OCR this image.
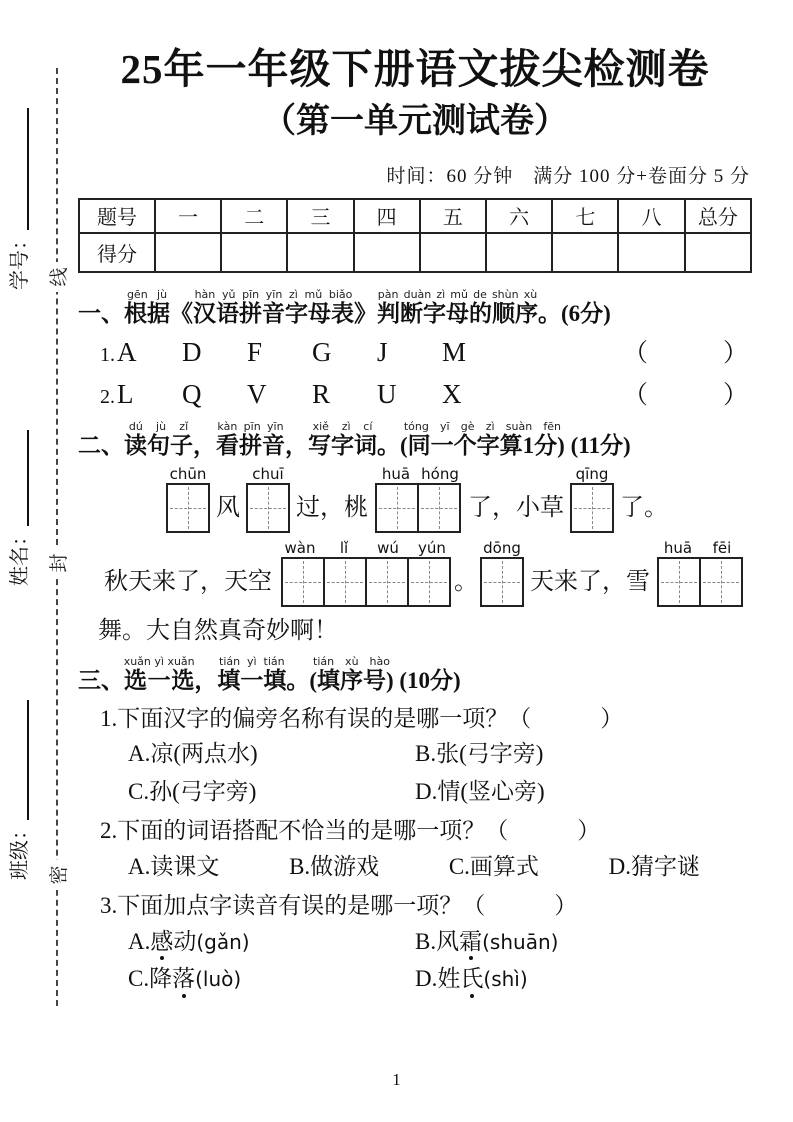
线
封
密
学号：
姓名：
班级：
25年一年级下册语文拔尖检测卷
（第一单元测试卷）
时间：60 分钟　满分 100 分+卷面分 5 分
题号	一	二	三	四	五	六	七	八	总分
得分									
一、根据gēn jù《汉语拼音字母表hàn yǔ pīn yīn zì mǔ biǎo》判断字母的顺序pàn duàn zì mǔ de shùn xù。(6分)
1. A	D	F	G	J	M	（　　　）
2. L	Q	V	R	U	X	（　　　）
二、读句子dú jù zǐ，看拼音kàn pīn yīn，写字词xiě zì cí。(同一个字算1分)tóng yī gè zì suàn fēn (11分)
chūn
风
chuī
过，桃
huā hóng
了，小草
qīng
了。
秋天来了，天空
wàn	lǐ	wú	yún
。
dōng
天来了，雪
huā	fēi
舞。大自然真奇妙啊！
三、选一选xuǎn yì xuǎn，填一填tián yì tián。(填序号)tián xù hào (10分)
1.下面汉字的偏旁名称有误的是哪一项？（　　　）
A.凉(两点水)	B.张(弓字旁)
C.孙(弓字旁)	D.情(竖心旁)
2.下面的词语搭配不恰当的是哪一项？（　　　）
A.读课文	B.做游戏	C.画算式	D.猜字谜
3.下面加点字读音有误的是哪一项？（　　　）
A.感动(gǎn)	B.风霜(shuān)
C.降落(luò)	D.姓氏(shì)
1
